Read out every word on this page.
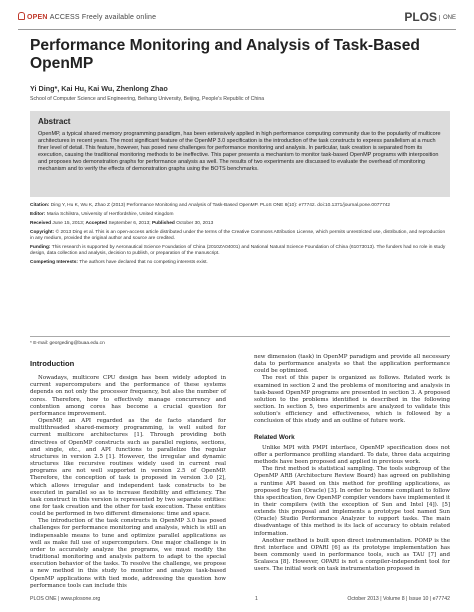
OPEN ACCESS Freely available online	PLOS ONE
Performance Monitoring and Analysis of Task-Based OpenMP
Yi Ding*, Kai Hu, Kai Wu, Zhenlong Zhao
School of Computer Science and Engineering, Beihang University, Beijing, People's Republic of China
Abstract
OpenMP, a typical shared memory programming paradigm, has been extensively applied in high performance computing community due to the popularity of multicore architectures in recent years. The most significant feature of the OpenMP 3.0 specification is the introduction of the task constructs to express parallelism at a much finer level of detail. This feature, however, has posed new challenges for performance monitoring and analysis. In particular, task creation is separated from its execution, causing the traditional monitoring methods to be ineffective. This paper presents a mechanism to monitor task-based OpenMP programs with interposition and proposes two demonstration graphs for performance analysis as well. The results of two experiments are discussed to evaluate the overhead of monitoring mechanism and to verify the effects of demonstration graphs using the BOTS benchmarks.
Citation: Ding Y, Hu K, Wu K, Zhao Z (2013) Performance Monitoring and Analysis of Task-Based OpenMP. PLoS ONE 8(10): e77742. doi:10.1371/journal.pone.0077742
Editor: Maria Schilstra, University of Hertfordshire, United Kingdom
Received June 15, 2013; Accepted September 6, 2013; Published October 30, 2013
Copyright: © 2013 Ding et al. This is an open-access article distributed under the terms of the Creative Commons Attribution License, which permits unrestricted use, distribution, and reproduction in any medium, provided the original author and source are credited.
Funding: This research is supported by Aeronautical Science Foundation of China (2010ZA04001) and National Natural Science Foundation of China (61073013). The funders had no role in study design, data collection and analysis, decision to publish, or preparation of the manuscript.
Competing Interests: The authors have declared that no competing interests exist.
* E-mail: georgeding@buaa.edu.cn
Introduction

Nowadays, multicore CPU design has been widely adopted in current supercomputers and the performance of these systems depends on not only the processor frequency, but also the number of cores. Therefore, how to effectively manage concurrency and contention among cores has become a crucial question for performance improvement.

OpenMP, an API regarded as the de facto standard for multithreaded shared-memory programming, is well suited for current multicore architectures [1]. Through providing both directives of OpenMP constructs such as parallel regions, sections, and single, etc., and API functions to parallelize the regular structures in version 2.5 [1]. However, the irregular and dynamic structures like recursive routines widely used in current real programs are not well supported in version 2.5 of OpenMP. Therefore, the conception of task is proposed in version 3.0 [2], which allows irregular and independent task constructs to be executed in parallel so as to increase flexibility and efficiency. The task construct in this version is represented by two separate entities: one for task creation and the other for task execution. These entities could be performed in two different dimensions: time and space.

The introduction of the task constructs in OpenMP 3.0 has posed challenges for performance monitoring and analysis, which is still an indispensable means to tune and optimize parallel applications as well as make full use of supercomputers. One major challenge is in order to accurately analyze the programs, we must modify the traditional monitoring and analysis pattern to adapt to the special execution behavior of the tasks. To resolve the challenge, we propose a new method in this study to monitor and analyze task-based OpenMP applications with tied mode, addressing the question how performance tools can include this

new dimension (task) in OpenMP paradigm and provide all necessary data to performance analysts so that the application performance could be optimized.

The rest of this paper is organized as follows. Related work is examined in section 2 and the problems of monitoring and analysis in task-based OpenMP programs are presented in section 3. A proposed solution to the problems identified is described in the following section. In section 5, two experiments are analyzed to validate this solution's efficiency and effectiveness, which is followed by a conclusion of this study and an outline of future work.

Related Work

Unlike MPI with PMPI interface, OpenMP specification does not offer a performance profiling standard. To date, three data acquiring methods have been proposed and applied in previous work.

The first method is statistical sampling. The tools subgroup of the OpenMP ARB (Architecture Review Board) has agreed on publishing a runtime API based on this method for profiling applications, as proposed by Sun (Oracle) [3]. In order to become compliant to follow this specification, few OpenMP compiler vendors have implemented it in their compilers (with the exception of Sun and Intel [4]). [5] extends this proposal and implements a prototype tool named Sun (Oracle) Studio Performance Analyzer to support tasks. The main disadvantage of this method is its lack of accuracy to obtain related information.

Another method is built upon direct instrumentation. POMP is the first interface and OPARI [6] as its prototype implementation has been commonly used in performance tools, such as TAU [7] and Scalasca [8]. However, OPARI is not a compiler-independent tool for users. The initial work on task instrumentation proposed in

PLOS ONE | www.plosone.org	1	October 2013 | Volume 8 | Issue 10 | e77742
